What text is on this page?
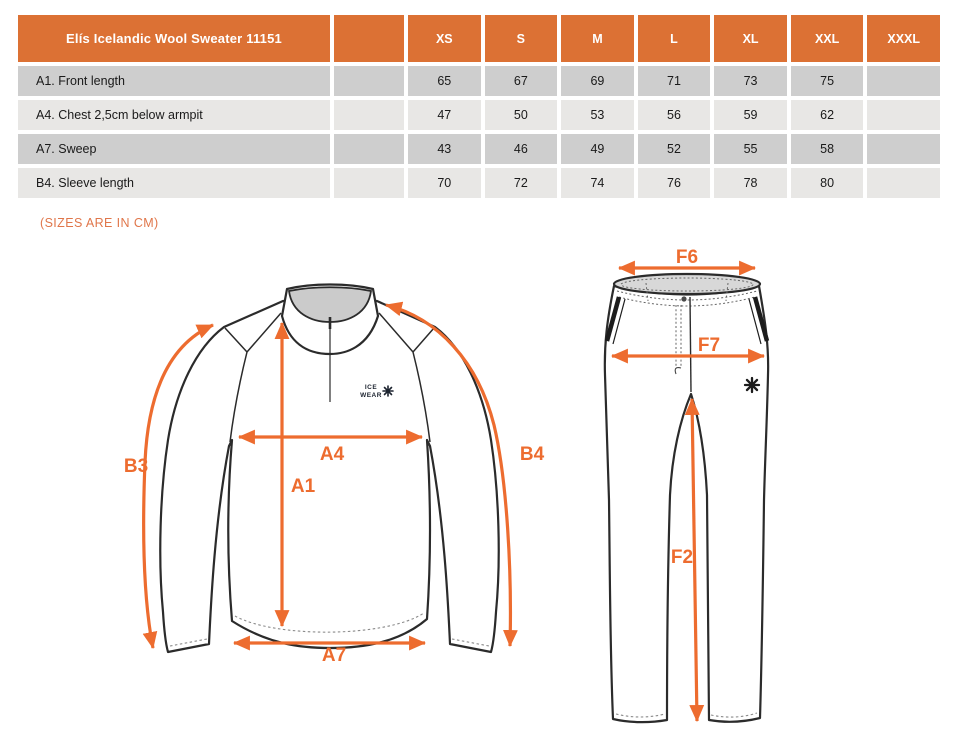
ICE
WEAR
A4
A1
A7
B3
B4
F6
F7
F2
Elís Icelandic Wool Sweater 11151	XS	S	M	L	XL	XXL	XXXL
A1. Front length	65	67	69	71	73	75
A4. Chest 2,5cm below armpit	47	50	53	56	59	62
A7. Sweep	43	46	49	52	55	58
B4. Sleeve length	70	72	74	76	78	80
(SIZES ARE IN CM)
